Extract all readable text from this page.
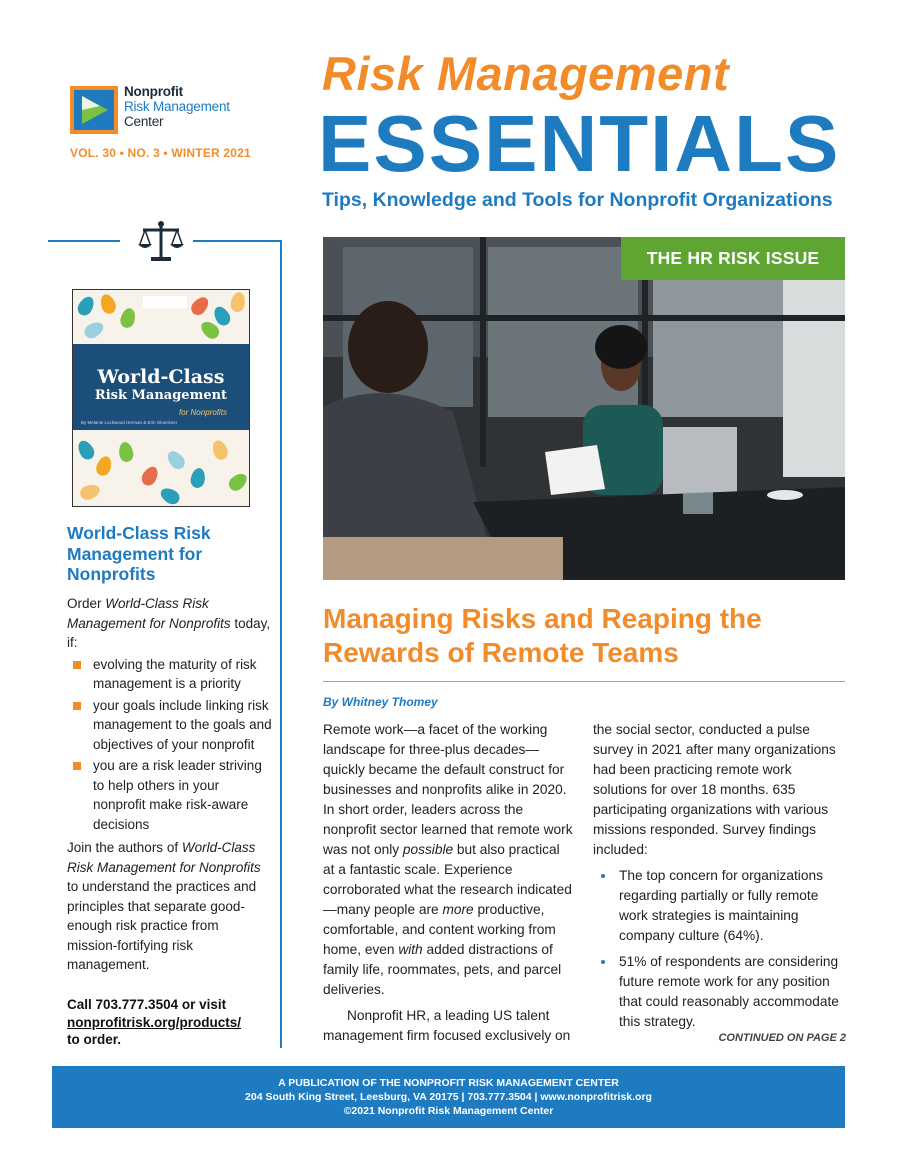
Nonprofit
Risk Management
Center
VOL. 30 • NO. 3 • WINTER 2021
Risk Management
ESSENTIALS
Tips, Knowledge and Tools for Nonprofit Organizations
World-Class
Risk Management
for Nonprofits
By Melanie Lockwood Herman & Erin Gloeckner
World-Class Risk Management for Nonprofits

Order World-Class Risk Management for Nonprofits today, if:

evolving the maturity of risk management is a priority
your goals include linking risk management to the goals and objectives of your nonprofit
you are a risk leader striving to help others in your nonprofit make risk-aware decisions

Join the authors of World-Class Risk Management for Nonprofits to understand the practices and principles that separate good-enough risk practice from mission-fortifying risk management.

Call 703.777.3504 or visit
nonprofitrisk.org/products/
to order.
THE HR RISK ISSUE
Managing Risks and Reaping the Rewards of Remote Teams
By Whitney Thomey

Remote work—a facet of the working landscape for three-plus decades—quickly became the default construct for businesses and nonprofits alike in 2020. In short order, leaders across the nonprofit sector learned that remote work was not only possible but also practical at a fantastic scale. Experience corroborated what the research indicated—many people are more productive, comfortable, and content working from home, even with added distractions of family life, roommates, pets, and parcel deliveries.

Nonprofit HR, a leading US talent management firm focused exclusively on

the social sector, conducted a pulse survey in 2021 after many organizations had been practicing remote work solutions for over 18 months. 635 participating organizations with various missions responded. Survey findings included:

The top concern for organizations regarding partially or fully remote work strategies is maintaining company culture (64%).
51% of respondents are considering future remote work for any position that could reasonably accommodate this strategy.
CONTINUED ON PAGE 2
A PUBLICATION OF THE NONPROFIT RISK MANAGEMENT CENTER
204 South King Street, Leesburg, VA 20175 | 703.777.3504 | www.nonprofitrisk.org
©2021 Nonprofit Risk Management Center
